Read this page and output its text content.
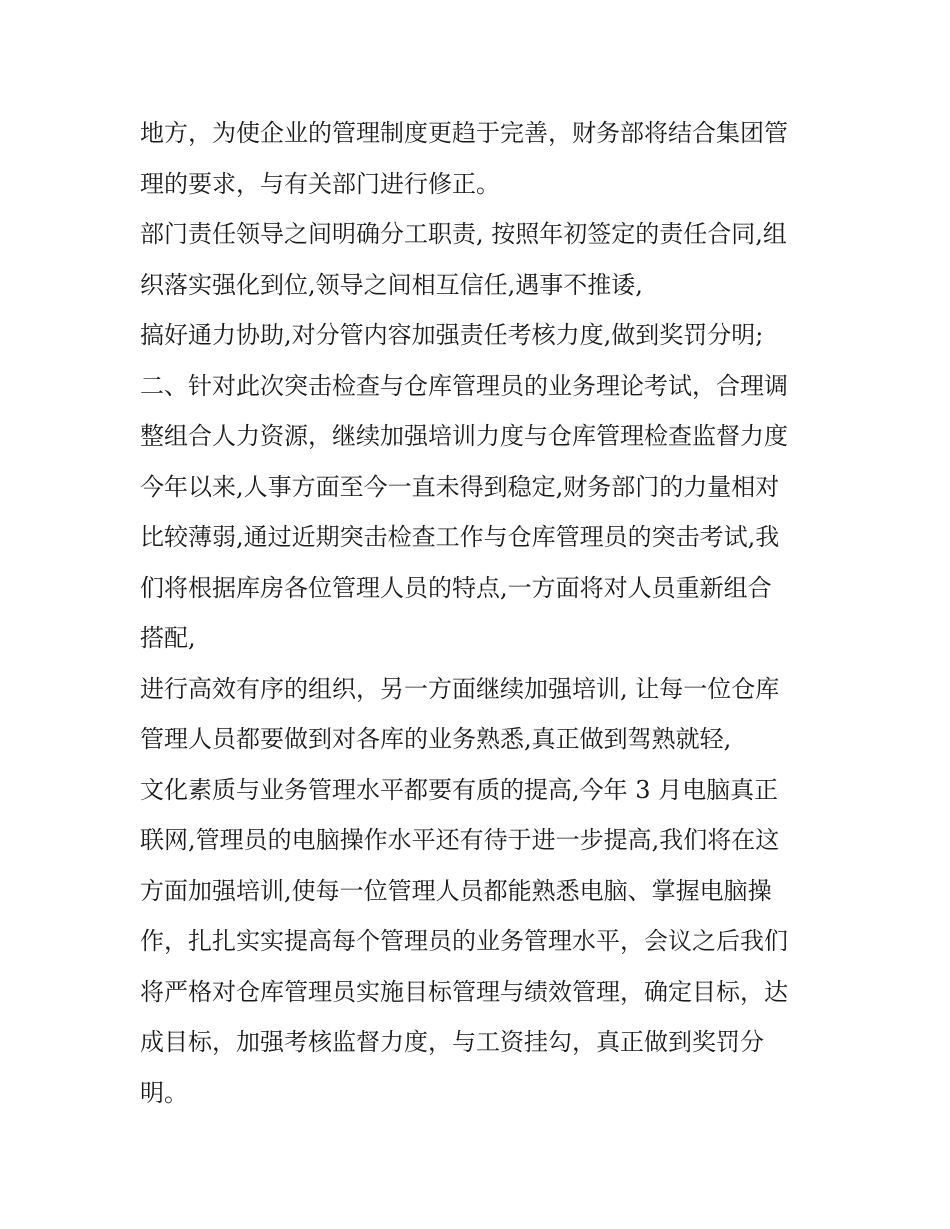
地方，为使企业的管理制度更趋于完善，财务部将结合集团管
理的要求，与有关部门进行修正。
部门责任领导之间明确分工职责, 按照年初签定的责任合同,组
织落实强化到位,领导之间相互信任,遇事不推诿,
搞好通力协助,对分管内容加强责任考核力度,做到奖罚分明;
二、针对此次突击检查与仓库管理员的业务理论考试，合理调
整组合人力资源，继续加强培训力度与仓库管理检查监督力度
今年以来,人事方面至今一直未得到稳定,财务部门的力量相对
比较薄弱,通过近期突击检查工作与仓库管理员的突击考试,我
们将根据库房各位管理人员的特点,一方面将对人员重新组合
搭配,
进行高效有序的组织，另一方面继续加强培训, 让每一位仓库
管理人员都要做到对各库的业务熟悉,真正做到驾熟就轻,
文化素质与业务管理水平都要有质的提高,今年 3 月电脑真正
联网,管理员的电脑操作水平还有待于进一步提高,我们将在这
方面加强培训,使每一位管理人员都能熟悉电脑、掌握电脑操
作，扎扎实实提高每个管理员的业务管理水平，会议之后我们
将严格对仓库管理员实施目标管理与绩效管理，确定目标，达
成目标，加强考核监督力度，与工资挂勾，真正做到奖罚分
明。
